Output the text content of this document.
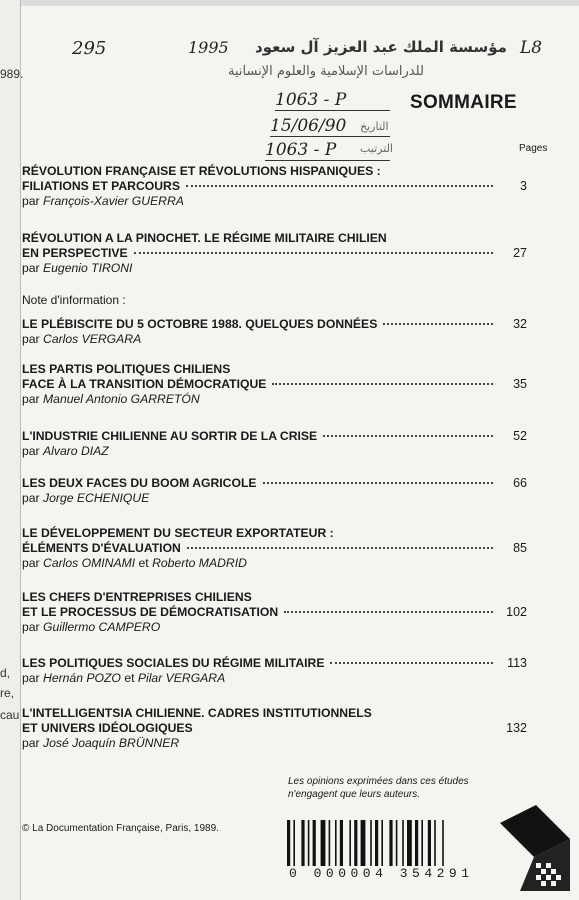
989.
d,
re,
cau
295	1995	L8
مؤسسة الملك عبد العزيز آل سعود
للدراسات الإسلامية والعلوم الإنسانية
التاريخ
الترتيب
1063 - P
15/06/90
1063 - P
SOMMAIRE
Pages
RÉVOLUTION FRANÇAISE ET RÉVOLUTIONS HISPANIQUES :
FILIATIONS ET PARCOURS	3
par François-Xavier GUERRA
RÉVOLUTION A LA PINOCHET. LE RÉGIME MILITAIRE CHILIEN
EN PERSPECTIVE	27
par Eugenio TIRONI
Note d'information :
LE PLÉBISCITE DU 5 OCTOBRE 1988. QUELQUES DONNÉES	32
par Carlos VERGARA
LES PARTIS POLITIQUES CHILIENS
FACE À LA TRANSITION DÉMOCRATIQUE	35
par Manuel Antonio GARRETÓN
L'INDUSTRIE CHILIENNE AU SORTIR DE LA CRISE	52
par Alvaro DIAZ
LES DEUX FACES DU BOOM AGRICOLE	66
par Jorge ECHENIQUE
LE DÉVELOPPEMENT DU SECTEUR EXPORTATEUR :
ÉLÉMENTS D'ÉVALUATION	85
par Carlos OMINAMI et Roberto MADRID
LES CHEFS D'ENTREPRISES CHILIENS
ET LE PROCESSUS DE DÉMOCRATISATION	102
par Guillermo CAMPERO
LES POLITIQUES SOCIALES DU RÉGIME MILITAIRE	113
par Hernán POZO et Pilar VERGARA
L'INTELLIGENTSIA CHILIENNE. CADRES INSTITUTIONNELS
ET UNIVERS IDÉOLOGIQUES	132
par José Joaquín BRÜNNER
Les opinions exprimées dans ces études
n'engagent que leurs auteurs.
© La Documentation Française, Paris, 1989.
0 000004 354291
